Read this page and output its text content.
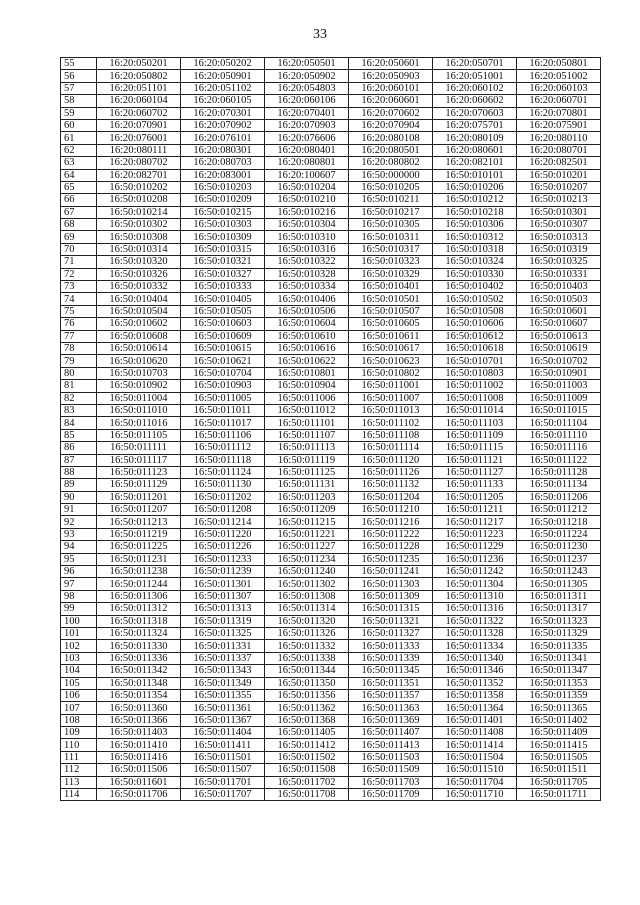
33
55	16:20:050201	16:20:050202	16:20:050501	16:20:050601	16:20:050701	16:20:050801
56	16:20:050802	16:20:050901	16:20:050902	16:20:050903	16:20:051001	16:20:051002
57	16:20:051101	16:20:051102	16:20:054803	16:20:060101	16:20:060102	16:20:060103
58	16:20:060104	16:20:060105	16:20:060106	16:20:060601	16:20:060602	16:20:060701
59	16:20:060702	16:20:070301	16:20:070401	16:20:070602	16:20:070603	16:20:070801
60	16:20:070901	16:20:070902	16:20:070903	16:20:070904	16:20:075701	16:20:075901
61	16:20:076001	16:20:076101	16:20:076606	16:20:080108	16:20:080109	16:20:080110
62	16:20:080111	16:20:080301	16:20:080401	16:20:080501	16:20:080601	16:20:080701
63	16:20:080702	16:20:080703	16:20:080801	16:20:080802	16:20:082101	16:20:082501
64	16:20:082701	16:20:083001	16:20:100607	16:50:000000	16:50:010101	16:50:010201
65	16:50:010202	16:50:010203	16:50:010204	16:50:010205	16:50:010206	16:50:010207
66	16:50:010208	16:50:010209	16:50:010210	16:50:010211	16:50:010212	16:50:010213
67	16:50:010214	16:50:010215	16:50:010216	16:50:010217	16:50:010218	16:50:010301
68	16:50:010302	16:50:010303	16:50:010304	16:50:010305	16:50:010306	16:50:010307
69	16:50:010308	16:50:010309	16:50:010310	16:50:010311	16:50:010312	16:50:010313
70	16:50:010314	16:50:010315	16:50:010316	16:50:010317	16:50:010318	16:50:010319
71	16:50:010320	16:50:010321	16:50:010322	16:50:010323	16:50:010324	16:50:010325
72	16:50:010326	16:50:010327	16:50:010328	16:50:010329	16:50:010330	16:50:010331
73	16:50:010332	16:50:010333	16:50:010334	16:50:010401	16:50:010402	16:50:010403
74	16:50:010404	16:50:010405	16:50:010406	16:50:010501	16:50:010502	16:50:010503
75	16:50:010504	16:50:010505	16:50:010506	16:50:010507	16:50:010508	16:50:010601
76	16:50:010602	16:50:010603	16:50:010604	16:50:010605	16:50:010606	16:50:010607
77	16:50:010608	16:50:010609	16:50:010610	16:50:010611	16:50:010612	16:50:010613
78	16:50:010614	16:50:010615	16:50:010616	16:50:010617	16:50:010618	16:50:010619
79	16:50:010620	16:50:010621	16:50:010622	16:50:010623	16:50:010701	16:50:010702
80	16:50:010703	16:50:010704	16:50:010801	16:50:010802	16:50:010803	16:50:010901
81	16:50:010902	16:50:010903	16:50:010904	16:50:011001	16:50:011002	16:50:011003
82	16:50:011004	16:50:011005	16:50:011006	16:50:011007	16:50:011008	16:50:011009
83	16:50:011010	16:50:011011	16:50:011012	16:50:011013	16:50:011014	16:50:011015
84	16:50:011016	16:50:011017	16:50:011101	16:50:011102	16:50:011103	16:50:011104
85	16:50:011105	16:50:011106	16:50:011107	16:50:011108	16:50:011109	16:50:011110
86	16:50:011111	16:50:011112	16:50:011113	16:50:011114	16:50:011115	16:50:011116
87	16:50:011117	16:50:011118	16:50:011119	16:50:011120	16:50:011121	16:50:011122
88	16:50:011123	16:50:011124	16:50:011125	16:50:011126	16:50:011127	16:50:011128
89	16:50:011129	16:50:011130	16:50:011131	16:50:011132	16:50:011133	16:50:011134
90	16:50:011201	16:50:011202	16:50:011203	16:50:011204	16:50:011205	16:50:011206
91	16:50:011207	16:50:011208	16:50:011209	16:50:011210	16:50:011211	16:50:011212
92	16:50:011213	16:50:011214	16:50:011215	16:50:011216	16:50:011217	16:50:011218
93	16:50:011219	16:50:011220	16:50:011221	16:50:011222	16:50:011223	16:50:011224
94	16:50:011225	16:50:011226	16:50:011227	16:50:011228	16:50:011229	16:50:011230
95	16:50:011231	16:50:011233	16:50:011234	16:50:011235	16:50:011236	16:50:011237
96	16:50:011238	16:50:011239	16:50:011240	16:50:011241	16:50:011242	16:50:011243
97	16:50:011244	16:50:011301	16:50:011302	16:50:011303	16:50:011304	16:50:011305
98	16:50:011306	16:50:011307	16:50:011308	16:50:011309	16:50:011310	16:50:011311
99	16:50:011312	16:50:011313	16:50:011314	16:50:011315	16:50:011316	16:50:011317
100	16:50:011318	16:50:011319	16:50:011320	16:50:011321	16:50:011322	16:50:011323
101	16:50:011324	16:50:011325	16:50:011326	16:50:011327	16:50:011328	16:50:011329
102	16:50:011330	16:50:011331	16:50:011332	16:50:011333	16:50:011334	16:50:011335
103	16:50:011336	16:50:011337	16:50:011338	16:50:011339	16:50:011340	16:50:011341
104	16:50:011342	16:50:011343	16:50:011344	16:50:011345	16:50:011346	16:50:011347
105	16:50:011348	16:50:011349	16:50:011350	16:50:011351	16:50:011352	16:50:011353
106	16:50:011354	16:50:011355	16:50:011356	16:50:011357	16:50:011358	16:50:011359
107	16:50:011360	16:50:011361	16:50:011362	16:50:011363	16:50:011364	16:50:011365
108	16:50:011366	16:50:011367	16:50:011368	16:50:011369	16:50:011401	16:50:011402
109	16:50:011403	16:50:011404	16:50:011405	16:50:011407	16:50:011408	16:50:011409
110	16:50:011410	16:50:011411	16:50:011412	16:50:011413	16:50:011414	16:50:011415
111	16:50:011416	16:50:011501	16:50:011502	16:50:011503	16:50:011504	16:50:011505
112	16:50:011506	16:50:011507	16:50:011508	16:50:011509	16:50:011510	16:50:011511
113	16:50:011601	16:50:011701	16:50:011702	16:50:011703	16:50:011704	16:50:011705
114	16:50:011706	16:50:011707	16:50:011708	16:50:011709	16:50:011710	16:50:011711
